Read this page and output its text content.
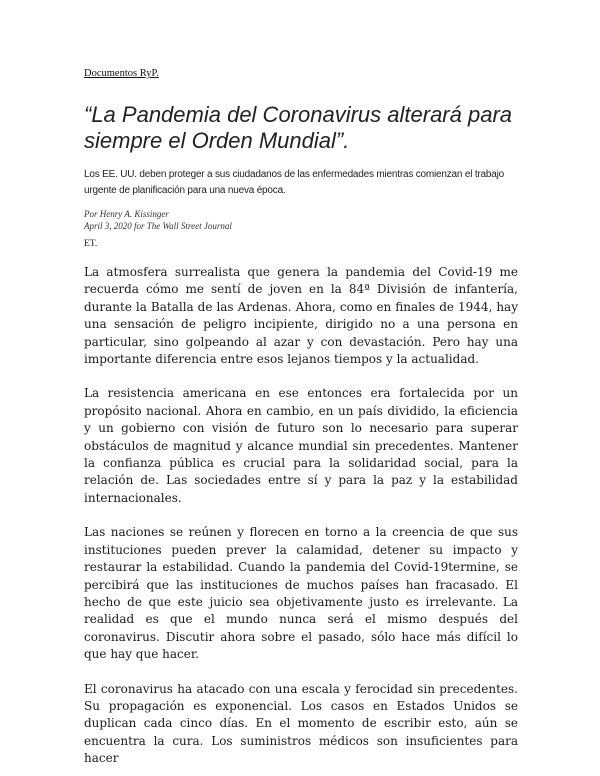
Documentos RyP.
“La Pandemia del Coronavirus alterará para siempre el Orden Mundial”.
Los EE. UU. deben proteger a sus ciudadanos de las enfermedades mientras comienzan el trabajo urgente de planificación para una nueva época.
Por Henry A. Kissinger
April 3, 2020 for The Wall Street Journal
ET.

La atmosfera surrealista que genera la pandemia del Covid-19 me recuerda cómo me sentí de joven en la 84ª División de infantería, durante la Batalla de las Ardenas. Ahora, como en finales de 1944, hay una sensación de peligro incipiente, dirigido no a una persona en particular, sino golpeando al azar y con devastación. Pero hay una importante diferencia entre esos lejanos tiempos y la actualidad.

La resistencia americana en ese entonces era fortalecida por un propósito nacional. Ahora en cambio, en un país dividido, la eficiencia y un gobierno con visión de futuro son lo necesario para superar obstáculos de magnitud y alcance mundial sin precedentes. Mantener la confianza pública es crucial para la solidaridad social, para la relación de. Las sociedades entre sí y para la paz y la estabilidad internacionales.

Las naciones se reúnen y florecen en torno a la creencia de que sus instituciones pueden prever la calamidad, detener su impacto y restaurar la estabilidad. Cuando la pandemia del Covid-19termine, se percibirá que las instituciones de muchos países han fracasado. El hecho de que este juicio sea objetivamente justo es irrelevante. La realidad es que el mundo nunca será el mismo después del coronavirus. Discutir ahora sobre el pasado, sólo hace más difícil lo que hay que hacer.

El coronavirus ha atacado con una escala y ferocidad sin precedentes. Su propagación es exponencial. Los casos en Estados Unidos se duplican cada cinco días. En el momento de escribir esto, aún se encuentra la cura. Los suministros médicos son insuficientes para hacer
